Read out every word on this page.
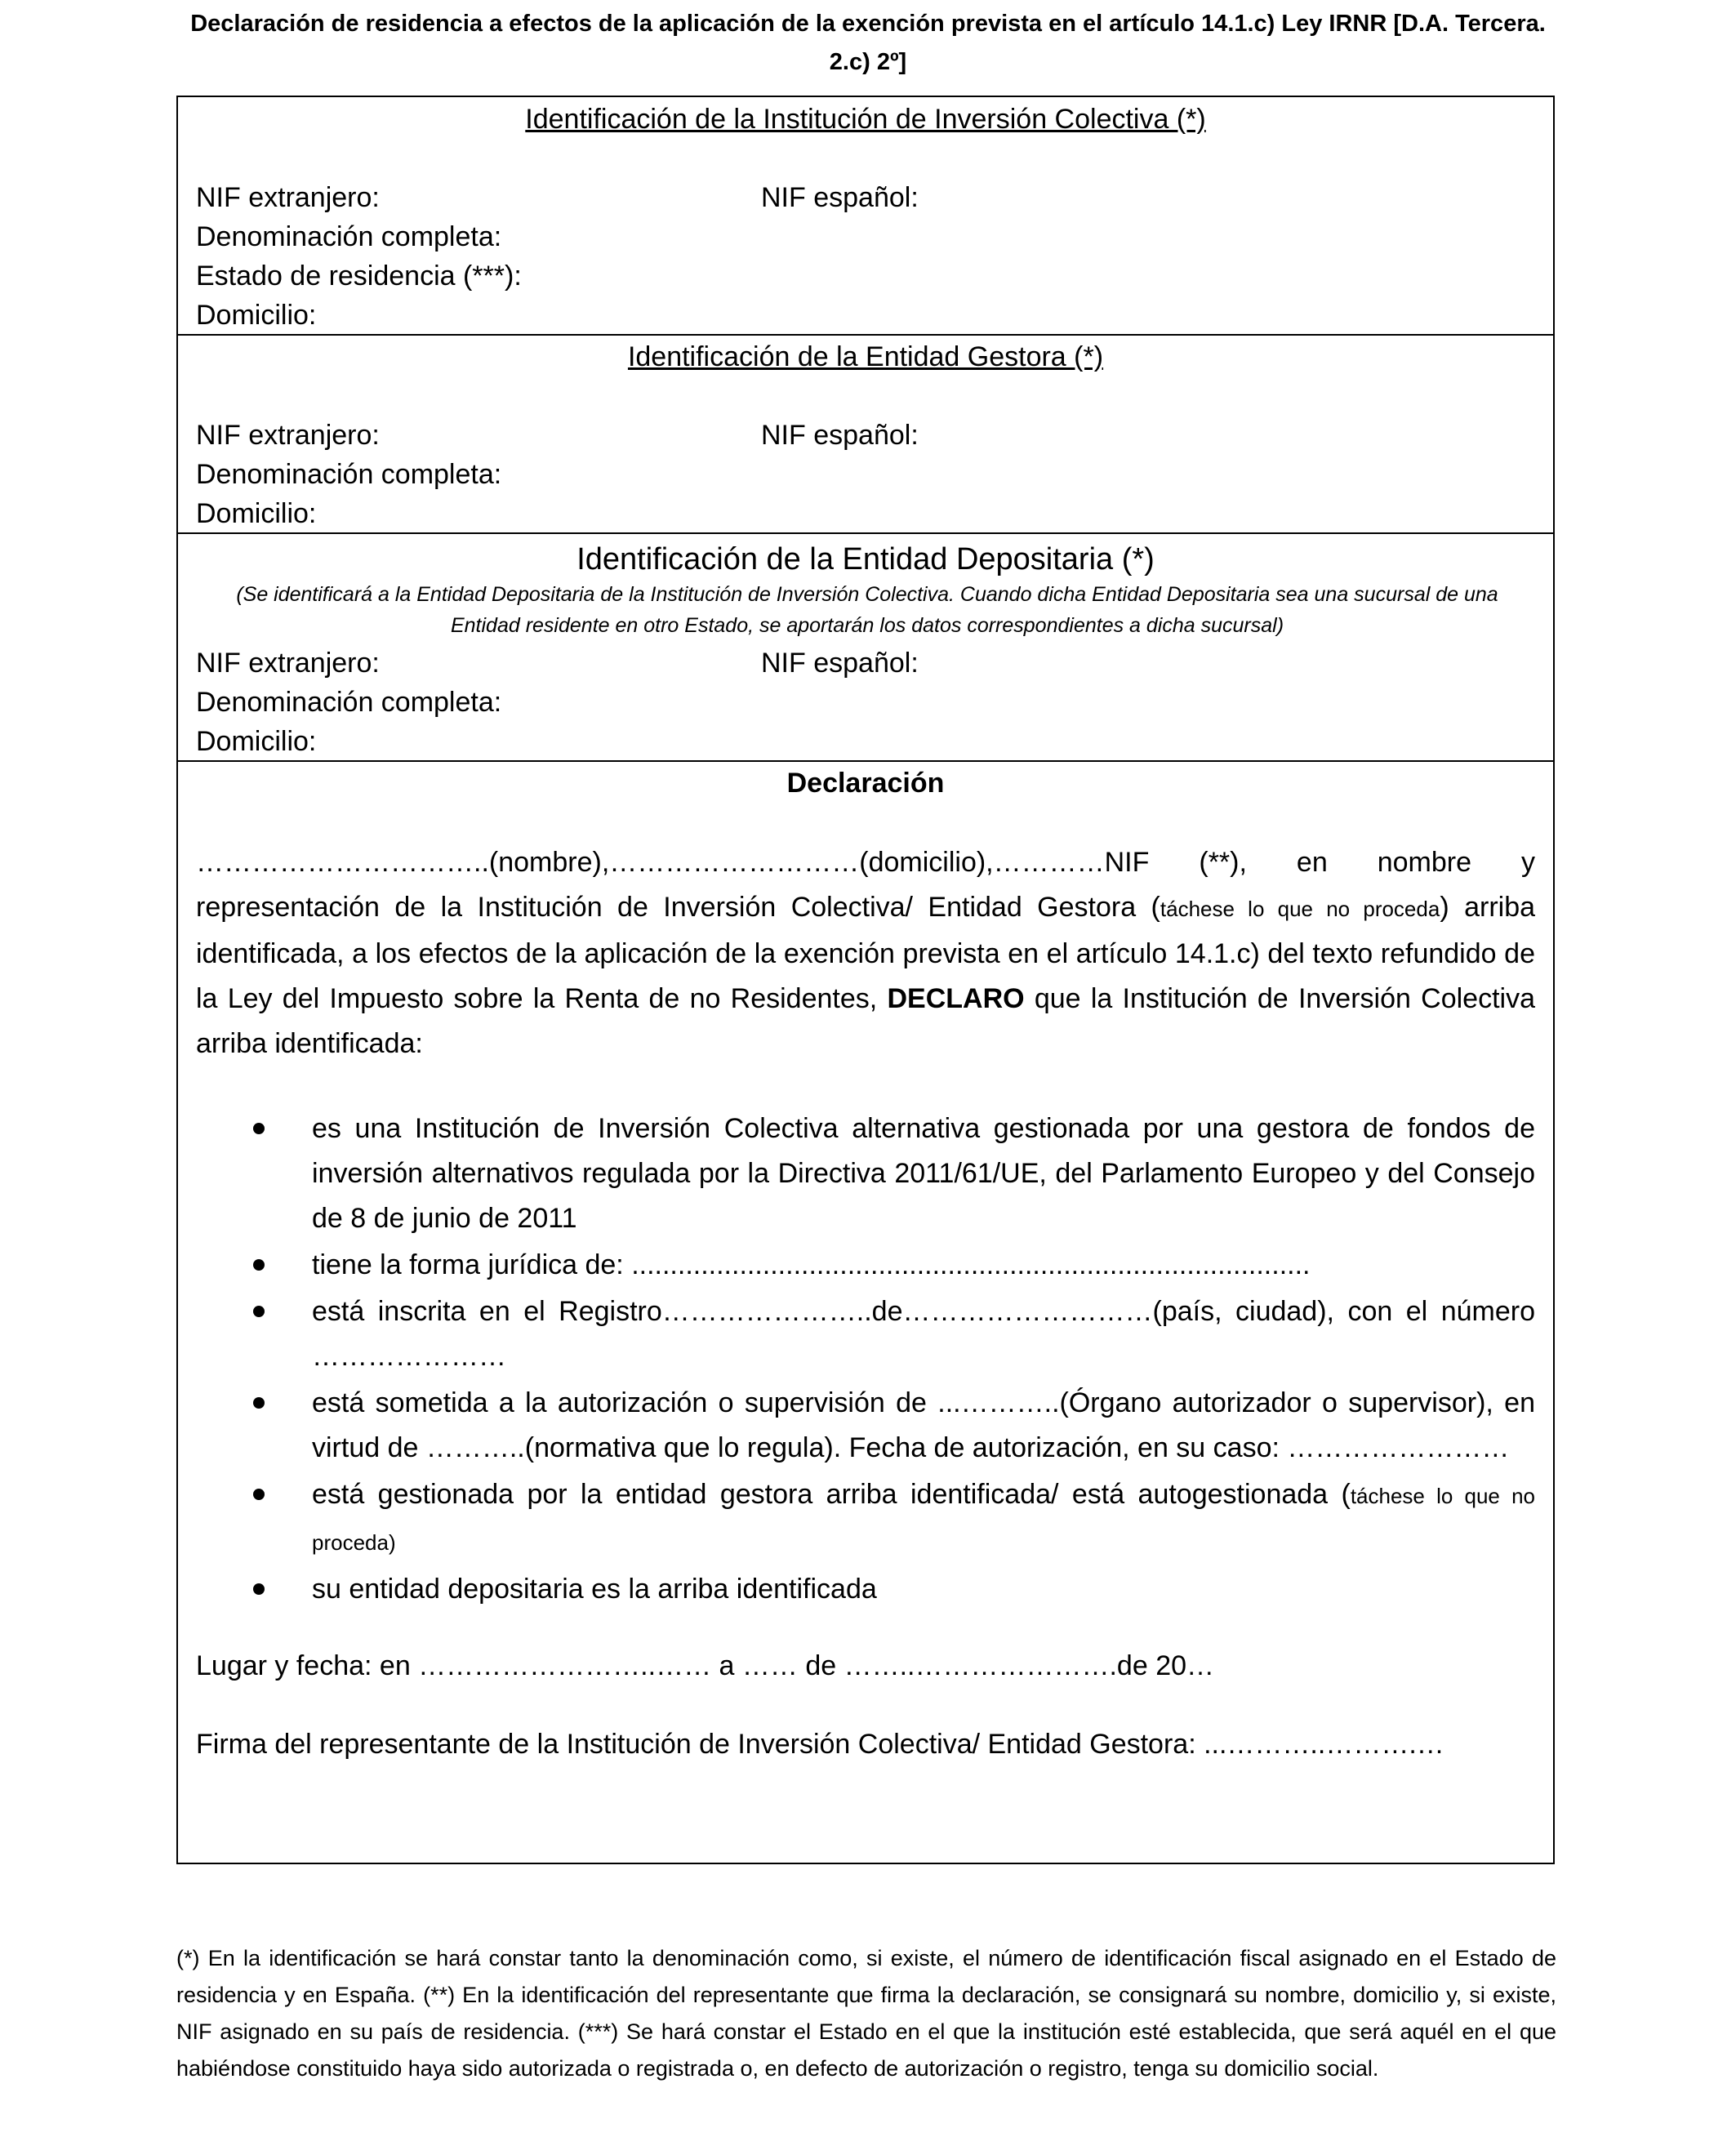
Declaración de residencia a efectos de la aplicación de la exención prevista en el artículo 14.1.c) Ley IRNR [D.A. Tercera. 2.c) 2º]
Identificación de la Institución de Inversión Colectiva (*)
NIF extranjero:	NIF español:
Denominación completa:
Estado de residencia (***):
Domicilio:
Identificación de la Entidad Gestora (*)
NIF extranjero:	NIF español:
Denominación completa:
Domicilio:
Identificación de la Entidad Depositaria (*)
(Se identificará a la Entidad Depositaria de la Institución de Inversión Colectiva. Cuando dicha Entidad Depositaria sea una sucursal de una Entidad residente en otro Estado, se aportarán los datos correspondientes a dicha sucursal)
NIF extranjero:	NIF español:
Denominación completa:
Domicilio:
Declaración
…………………………..(nombre),………………………(domicilio),…………NIF (**), en nombre y representación de la Institución de Inversión Colectiva/ Entidad Gestora (táchese lo que no proceda) arriba identificada, a los efectos de la aplicación de la exención prevista en el artículo 14.1.c) del texto refundido de la Ley del Impuesto sobre la Renta de no Residentes, DECLARO que la Institución de Inversión Colectiva arriba identificada:
es una Institución de Inversión Colectiva alternativa gestionada por una gestora de fondos de inversión alternativos regulada por la Directiva 2011/61/UE, del Parlamento Europeo y del Consejo de 8 de junio de 2011
tiene la forma jurídica de: ........................................................................................
está inscrita en el Registro…………………..de………………………(país, ciudad), con el número …………………
está sometida a la autorización o supervisión de ...………..(Órgano autorizador o supervisor), en virtud de ………..(normativa que lo regula). Fecha de autorización, en su caso: ……………………
está gestionada por la entidad gestora arriba identificada/ está autogestionada (táchese lo que no proceda)
su entidad depositaria es la arriba identificada
Lugar y fecha: en ……………………..…… a …… de ……..………………….de 20…
Firma del representante de la Institución de Inversión Colectiva/ Entidad Gestora: ...………..……….…
(*) En la identificación se hará constar tanto la denominación como, si existe, el número de identificación fiscal asignado en el Estado de residencia y en España. (**) En la identificación del representante que firma la declaración, se consignará su nombre, domicilio y, si existe, NIF asignado en su país de residencia. (***) Se hará constar el Estado en el que la institución esté establecida, que será aquél en el que habiéndose constituido haya sido autorizada o registrada o, en defecto de autorización o registro, tenga su domicilio social.
